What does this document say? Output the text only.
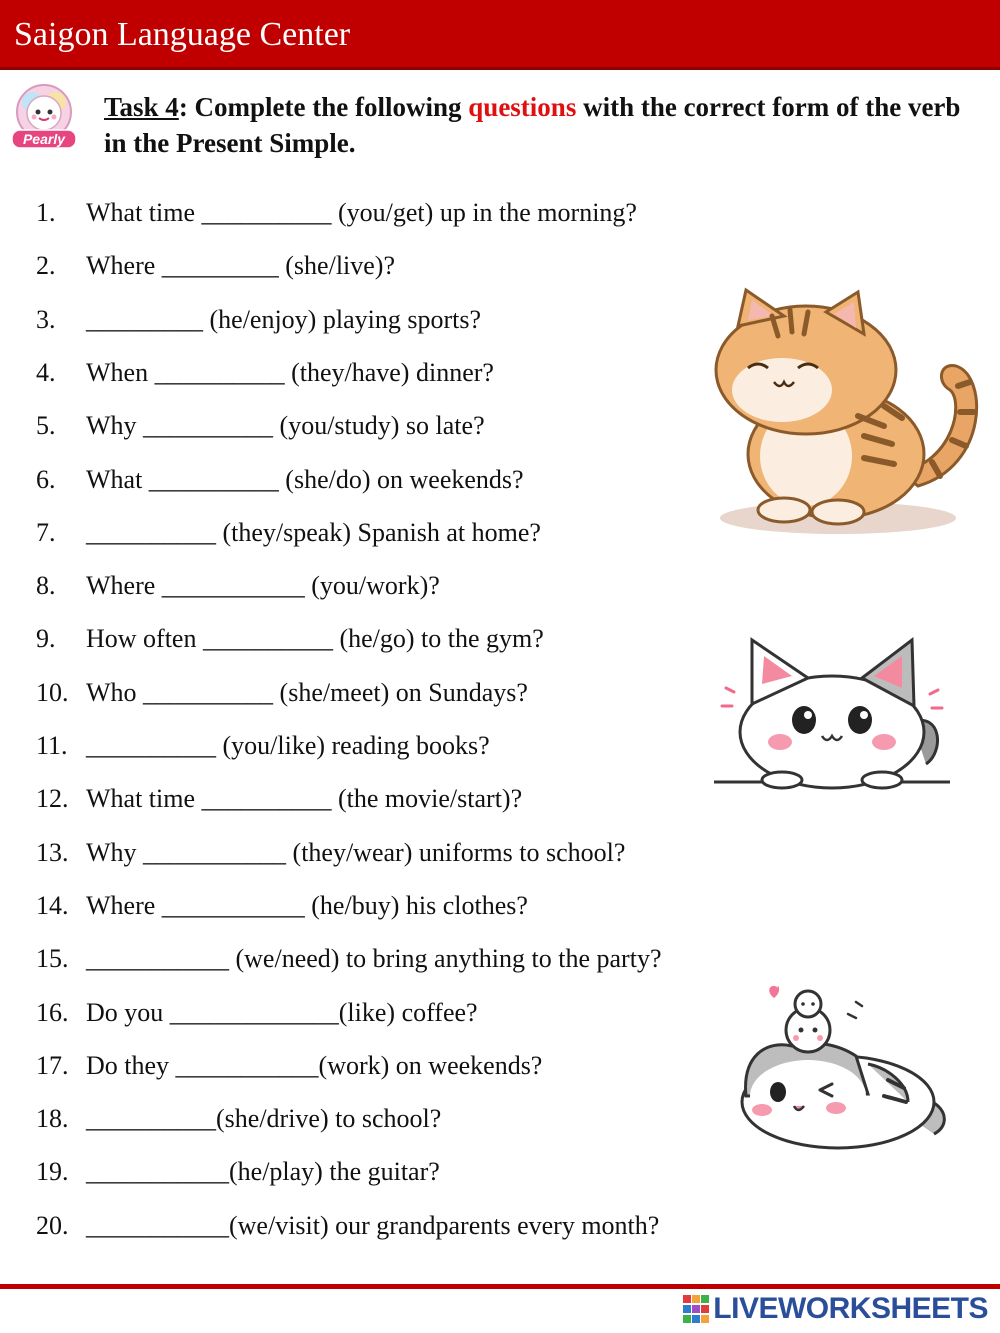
Saigon Language Center
Pearly
Task 4: Complete the following questions with the correct form of the verb in the Present Simple.
1. What time __________ (you/get) up in the morning?
2. Where _________ (she/live)?
3. _________ (he/enjoy) playing sports?
4. When __________ (they/have) dinner?
5. Why __________ (you/study) so late?
6. What __________ (she/do) on weekends?
7. __________ (they/speak) Spanish at home?
8. Where ___________ (you/work)?
9. How often __________ (he/go) to the gym?
10. Who __________ (she/meet) on Sundays?
11. __________ (you/like) reading books?
12. What time __________ (the movie/start)?
13. Why ___________ (they/wear) uniforms to school?
14. Where ___________ (he/buy) his clothes?
15. ___________ (we/need) to bring anything to the party?
16. Do you _____________(like) coffee?
17. Do they ___________(work) on weekends?
18. __________(she/drive) to school?
19. ___________(he/play) the guitar?
20. ___________(we/visit) our grandparents every month?
LIVEWORKSHEETS
